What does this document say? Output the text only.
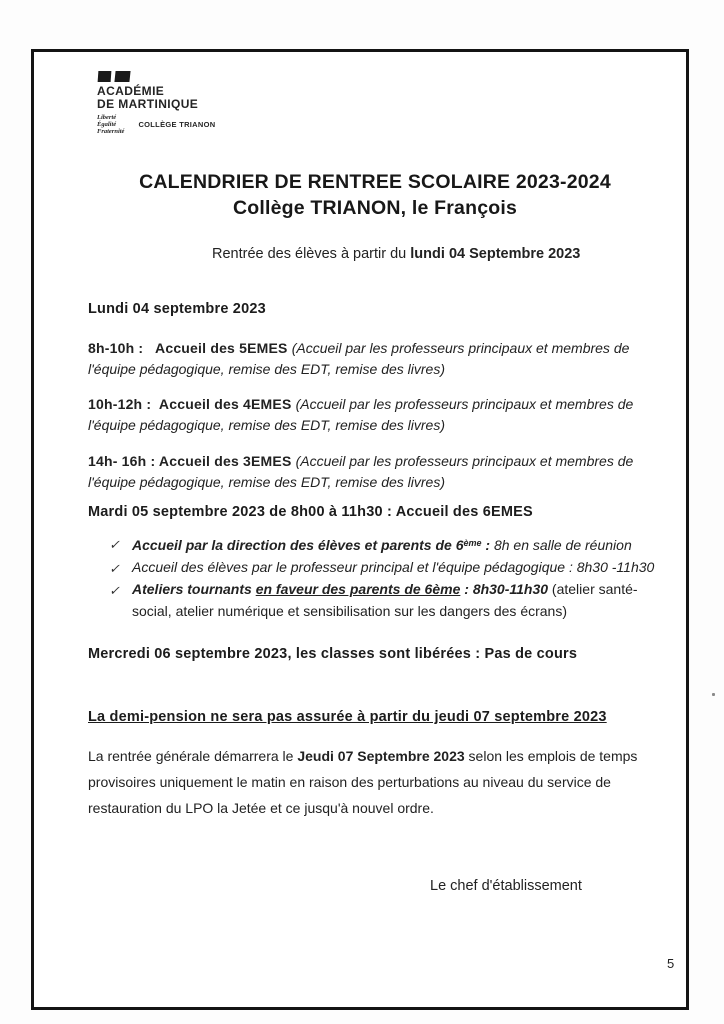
ACADÉMIE
DE MARTINIQUE
Liberté
Égalité
Fraternité
COLLÈGE TRIANON
CALENDRIER DE RENTREE SCOLAIRE 2023-2024
Collège TRIANON, le François
Rentrée des élèves à partir du lundi 04 Septembre 2023
Lundi 04 septembre 2023
8h-10h :   Accueil des 5EMES (Accueil par les professeurs principaux et membres de l'équipe pédagogique, remise des EDT, remise des livres)
10h-12h :  Accueil des 4EMES (Accueil par les professeurs principaux et membres de l'équipe pédagogique, remise des EDT, remise des livres)
14h- 16h : Accueil des 3EMES (Accueil par les professeurs principaux et membres de l'équipe pédagogique, remise des EDT, remise des livres)
Mardi 05 septembre 2023 de 8h00 à 11h30 : Accueil des 6EMES
✓ Accueil par la direction des élèves et parents de 6ème : 8h en salle de réunion
✓ Accueil des élèves par le professeur principal et l'équipe pédagogique : 8h30 -11h30
✓ Ateliers tournants en faveur des parents de 6ème : 8h30-11h30 (atelier santé-social, atelier numérique et sensibilisation sur les dangers des écrans)
Mercredi 06 septembre 2023, les classes sont libérées : Pas de cours
La demi-pension ne sera pas assurée à partir du jeudi 07 septembre 2023
La rentrée générale démarrera le Jeudi 07 Septembre 2023 selon les emplois de temps provisoires uniquement le matin en raison des perturbations au niveau du service de restauration du LPO la Jetée et ce jusqu'à nouvel ordre.
Le chef d'établissement
5
